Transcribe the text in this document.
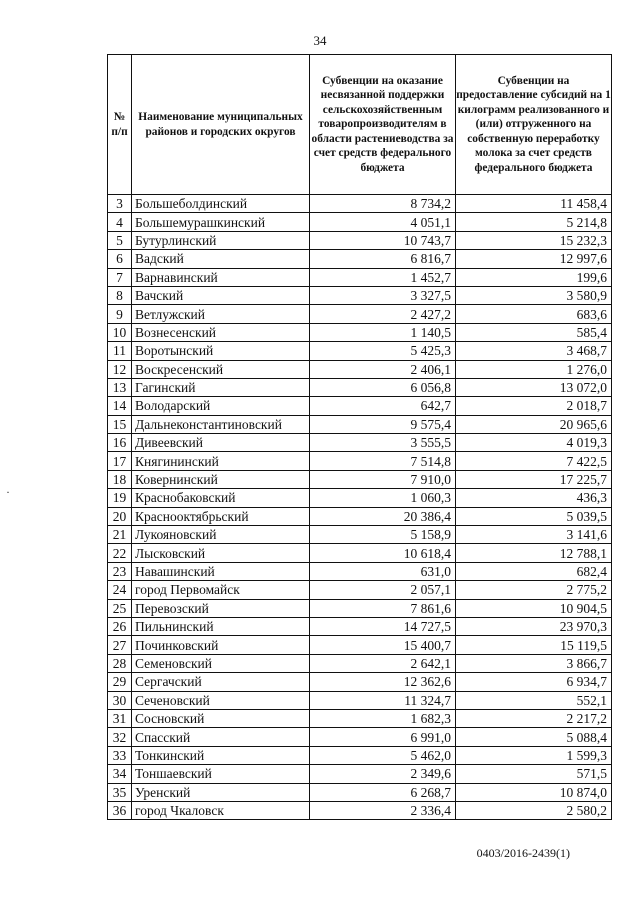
34
·
№ п/п	Наименование муниципальных районов и городских округов	Субвенции на оказание несвязанной поддержки сельскохозяйственным товаропроизводителям в области растениеводства за счет средств федерального бюджета	Субвенции на предоставление субсидий на 1 килограмм реализованного и (или) отгруженного на собственную переработку молока за счет средств федерального бюджета
3	Большеболдинский	8 734,2	11 458,4
4	Большемурашкинский	4 051,1	5 214,8
5	Бутурлинский	10 743,7	15 232,3
6	Вадский	6 816,7	12 997,6
7	Варнавинский	1 452,7	199,6
8	Вачский	3 327,5	3 580,9
9	Ветлужский	2 427,2	683,6
10	Вознесенский	1 140,5	585,4
11	Воротынский	5 425,3	3 468,7
12	Воскресенский	2 406,1	1 276,0
13	Гагинский	6 056,8	13 072,0
14	Володарский	642,7	2 018,7
15	Дальнеконстантиновский	9 575,4	20 965,6
16	Дивеевский	3 555,5	4 019,3
17	Княгининский	7 514,8	7 422,5
18	Ковернинский	7 910,0	17 225,7
19	Краснобаковский	1 060,3	436,3
20	Краснооктябрьский	20 386,4	5 039,5
21	Лукояновский	5 158,9	3 141,6
22	Лысковский	10 618,4	12 788,1
23	Навашинский	631,0	682,4
24	город Первомайск	2 057,1	2 775,2
25	Перевозский	7 861,6	10 904,5
26	Пильнинский	14 727,5	23 970,3
27	Починковский	15 400,7	15 119,5
28	Семеновский	2 642,1	3 866,7
29	Сергачский	12 362,6	6 934,7
30	Сеченовский	11 324,7	552,1
31	Сосновский	1 682,3	2 217,2
32	Спасский	6 991,0	5 088,4
33	Тонкинский	5 462,0	1 599,3
34	Тоншаевский	2 349,6	571,5
35	Уренский	6 268,7	10 874,0
36	город Чкаловск	2 336,4	2 580,2
0403/2016-2439(1)
